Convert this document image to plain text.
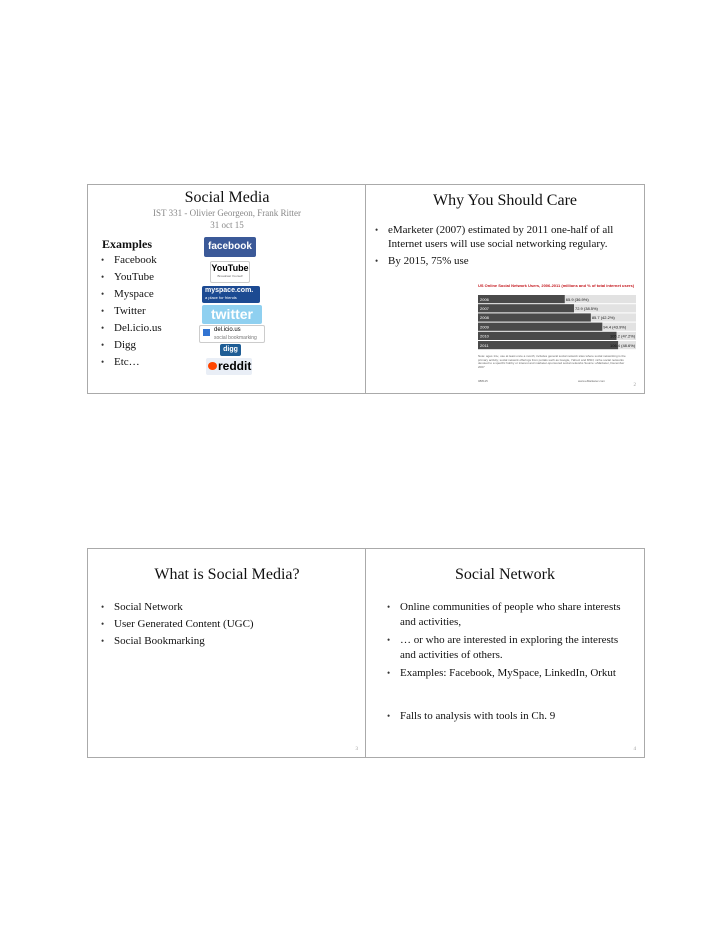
Social Media
IST 331 - Olivier Georgeon, Frank Ritter
31 oct 15
Examples
• Facebook
• YouTube
• Myspace
• Twitter
• Del.icio.us
• Digg
• Etc…
facebook
YouTube
Broadcast Yourself
myspace.com.
a place for friends
twitter
del.icio.us
social bookmarking
digg
reddit
Why You Should Care
• eMarketer (2007) estimated by 2011 one-half of all Internet users will use social networking regulary.
• By 2015, 75% use
US Online Social Network Users, 2006-2011 (millions and % of total internet users)
2006	65.9 (36.9%)
2007	72.9 (38.5%)
2008	85.7 (42.2%)
2009	94.4 (43.9%)
2010	105.2 (47.2%)
2011	106.4 (48.6%)
Note: ages 14+; use at least once a month; includes general social network sites where social networking is the primary activity; social network offerings from portals such as Google, Yahoo! and MSN; niche social networks devoted to a specific hobby or interest and marketer-sponsored social networks Source: eMarketer, December 2007
088115	www.eMarketer.com
2
What is Social Media?
• Social Network
• User Generated Content (UGC)
• Social Bookmarking
3
Social Network
• Online communities of people who share interests and activities,
• … or who are interested in exploring the interests and activities of others.
• Examples: Facebook, MySpace, LinkedIn, Orkut
• Falls to analysis with tools in Ch. 9
4
